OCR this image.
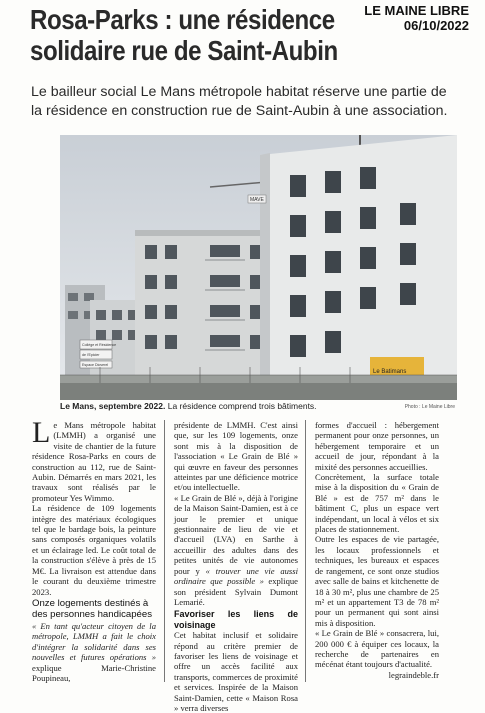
LE MAINE LIBRE
06/10/2022
Rosa-Parks : une résidence
solidaire rue de Saint-Aubin
Le bailleur social Le Mans métropole habitat réserve une partie de la résidence en construction rue de Saint-Aubin à une association.
MAVE
Collège et Résidence
de l'Epicier
Espace Dioverel
Le Batimans
Le Mans, septembre 2022. La résidence comprend trois bâtiments.	Photo : Le Maine Libre
L e Mans métropole habitat (LMMH) a organisé une visite de chantier de la future résidence Rosa-Parks en cours de construction au 112, rue de Saint-Aubin. Démarrés en mars 2021, les travaux sont réalisés par le promoteur Yes Wimmo.

La résidence de 109 logements intègre des matériaux écologiques tel que le bardage bois, la peinture sans composés organiques volatils et un éclairage led. Le coût total de la construction s'élève à près de 15 M€. La livraison est attendue dans le courant du deuxième trimestre 2023.

Onze logements destinés à des personnes handicapées

« En tant qu'acteur citoyen de la métropole, LMMH a fait le choix d'intégrer la solidarité dans ses nouvelles et futures opérations » explique Marie-Christine Poupineau,

présidente de LMMH. C'est ainsi que, sur les 109 logements, onze sont mis à la disposition de l'association « Le Grain de Blé » qui œuvre en faveur des personnes atteintes par une déficience motrice et/ou intellectuelle.

« Le Grain de Blé », déjà à l'origine de la Maison Saint-Damien, est à ce jour le premier et unique gestionnaire de lieu de vie et d'accueil (LVA) en Sarthe à accueillir des adultes dans des petites unités de vie autonomes pour y « trouver une vie aussi ordinaire que possible » explique son président Sylvain Dumont Lemarié.

Favoriser les liens de voisinage

Cet habitat inclusif et solidaire répond au critère premier de favoriser les liens de voisinage et offre un accès facilité aux transports, commerces de proximité et services. Inspirée de la Maison Saint-Damien, cette « Maison Rosa » verra diverses

formes d'accueil : hébergement permanent pour onze personnes, un hébergement temporaire et un accueil de jour, répondant à la mixité des personnes accueillies.

Concrètement, la surface totale mise à la disposition du « Grain de Blé » est de 757 m² dans le bâtiment C, plus un espace vert indépendant, un local à vélos et six places de stationnement.

Outre les espaces de vie partagée, les locaux professionnels et techniques, les bureaux et espaces de rangement, ce sont onze studios avec salle de bains et kitchenette de 18 à 30 m², plus une chambre de 25 m² et un appartement T3 de 78 m² pour un permanent qui sont ainsi mis à disposition.

« Le Grain de Blé » consacrera, lui, 200 000 € à équiper ces locaux, la recherche de partenaires en mécénat étant toujours d'actualité.

legraindeble.fr
